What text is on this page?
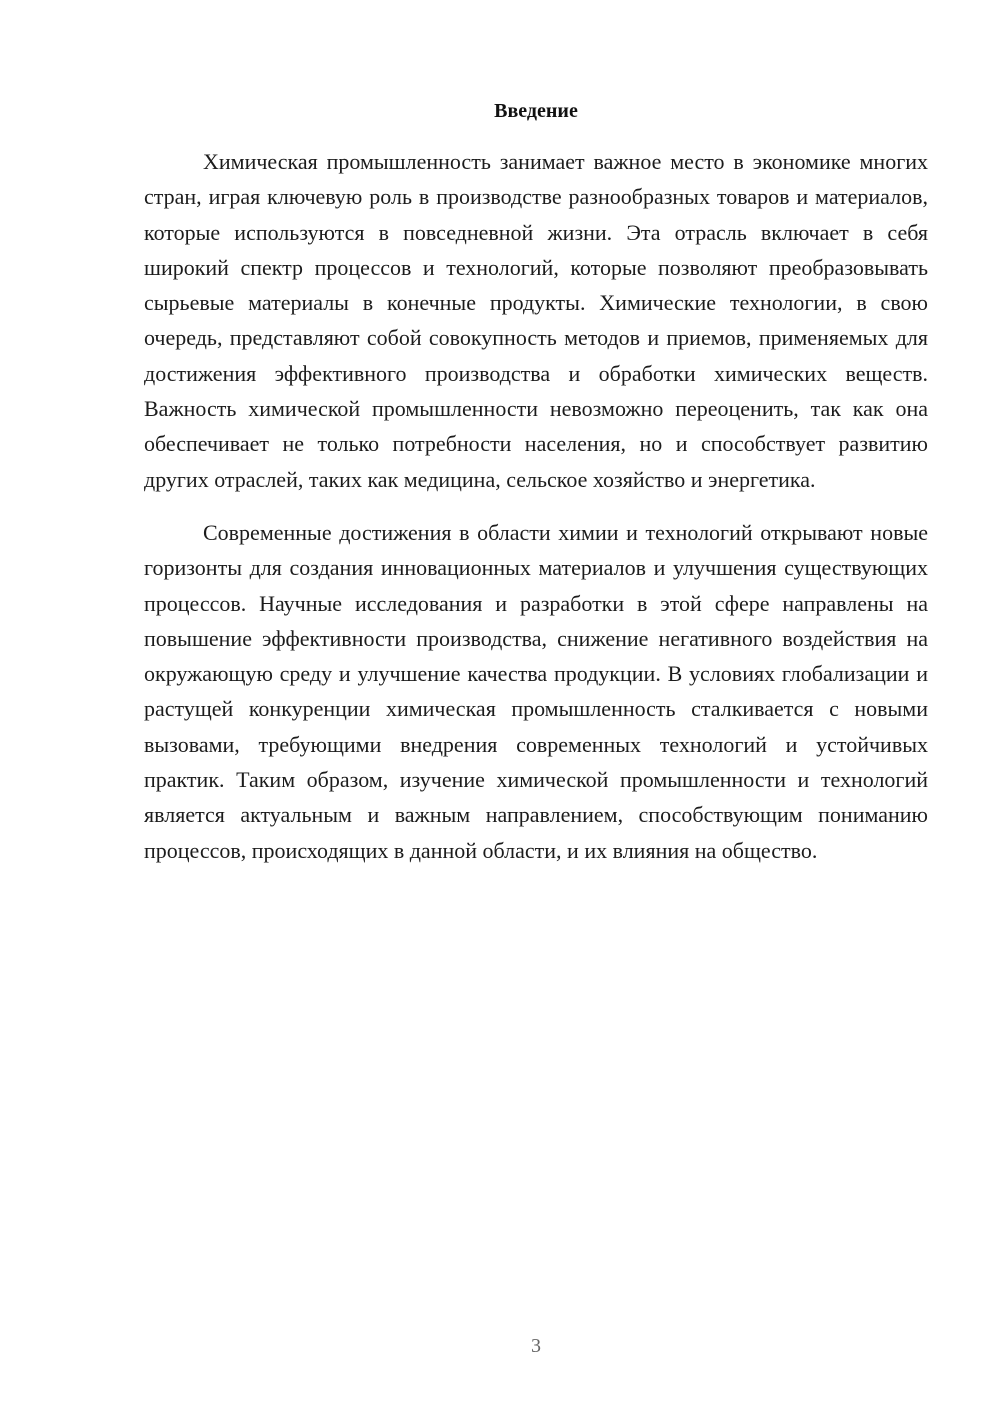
Введение

Химическая промышленность занимает важное место в экономике многих стран, играя ключевую роль в производстве разнообразных товаров и материалов, которые используются в повседневной жизни. Эта отрасль включает в себя широкий спектр процессов и технологий, которые позволяют преобразовывать сырьевые материалы в конечные продукты. Химические технологии, в свою очередь, представляют собой совокупность методов и приемов, применяемых для достижения эффективного производства и обработки химических веществ. Важность химической промышленности невозможно переоценить, так как она обеспечивает не только потребности населения, но и способствует развитию других отраслей, таких как медицина, сельское хозяйство и энергетика.

Современные достижения в области химии и технологий открывают новые горизонты для создания инновационных материалов и улучшения существующих процессов. Научные исследования и разработки в этой сфере направлены на повышение эффективности производства, снижение негативного воздействия на окружающую среду и улучшение качества продукции. В условиях глобализации и растущей конкуренции химическая промышленность сталкивается с новыми вызовами, требующими внедрения современных технологий и устойчивых практик. Таким образом, изучение химической промышленности и технологий является актуальным и важным направлением, способствующим пониманию процессов, происходящих в данной области, и их влияния на общество.

3
